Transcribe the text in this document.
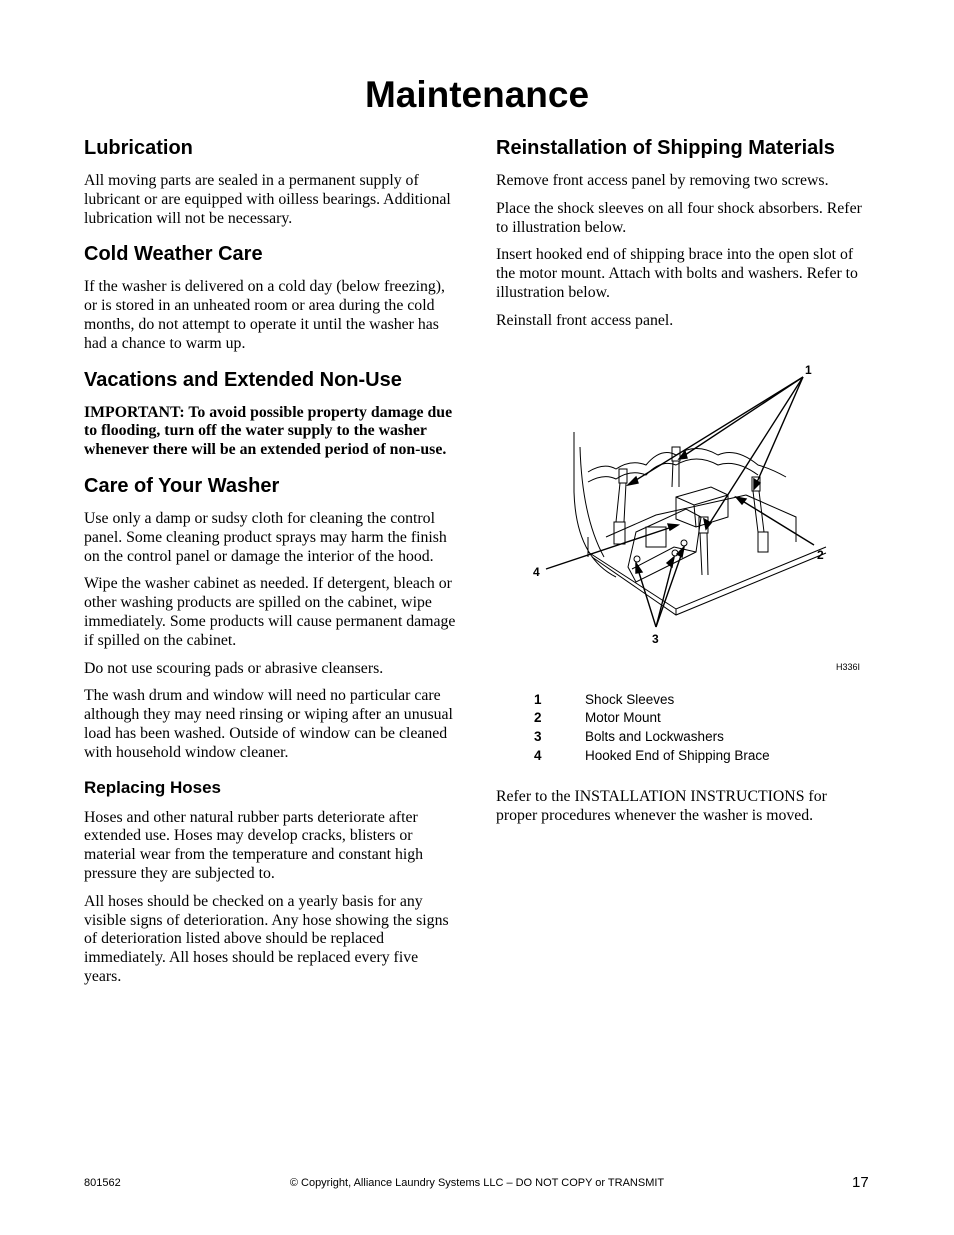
Maintenance
Lubrication

All moving parts are sealed in a permanent supply of lubricant or are equipped with oilless bearings. Additional lubrication will not be necessary.

Cold Weather Care

If the washer is delivered on a cold day (below freezing), or is stored in an unheated room or area during the cold months, do not attempt to operate it until the washer has had a chance to warm up.

Vacations and Extended Non-Use

IMPORTANT: To avoid possible property damage due to flooding, turn off the water supply to the washer whenever there will be an extended period of non-use.

Care of Your Washer

Use only a damp or sudsy cloth for cleaning the control panel. Some cleaning product sprays may harm the finish on the control panel or damage the interior of the hood.

Wipe the washer cabinet as needed. If detergent, bleach or other washing products are spilled on the cabinet, wipe immediately. Some products will cause permanent damage if spilled on the cabinet.

Do not use scouring pads or abrasive cleansers.

The wash drum and window will need no particular care although they may need rinsing or wiping after an unusual load has been washed. Outside of window can be cleaned with household window cleaner.

Replacing Hoses

Hoses and other natural rubber parts deteriorate after extended use. Hoses may develop cracks, blisters or material wear from the temperature and constant high pressure they are subjected to.

All hoses should be checked on a yearly basis for any visible signs of deterioration. Any hose showing the signs of deterioration listed above should be replaced immediately. All hoses should be replaced every five years.

Reinstallation of Shipping Materials

Remove front access panel by removing two screws.

Place the shock sleeves on all four shock absorbers. Refer to illustration below.

Insert hooked end of shipping brace into the open slot of the motor mount. Attach with bolts and washers. Refer to illustration below.

Reinstall front access panel.

1
2
3
4
H336I
1	Shock Sleeves
2	Motor Mount
3	Bolts and Lockwashers
4	Hooked End of Shipping Brace

Refer to the INSTALLATION INSTRUCTIONS for proper procedures whenever the washer is moved.

801562	© Copyright, Alliance Laundry Systems LLC – DO NOT COPY or TRANSMIT	17
